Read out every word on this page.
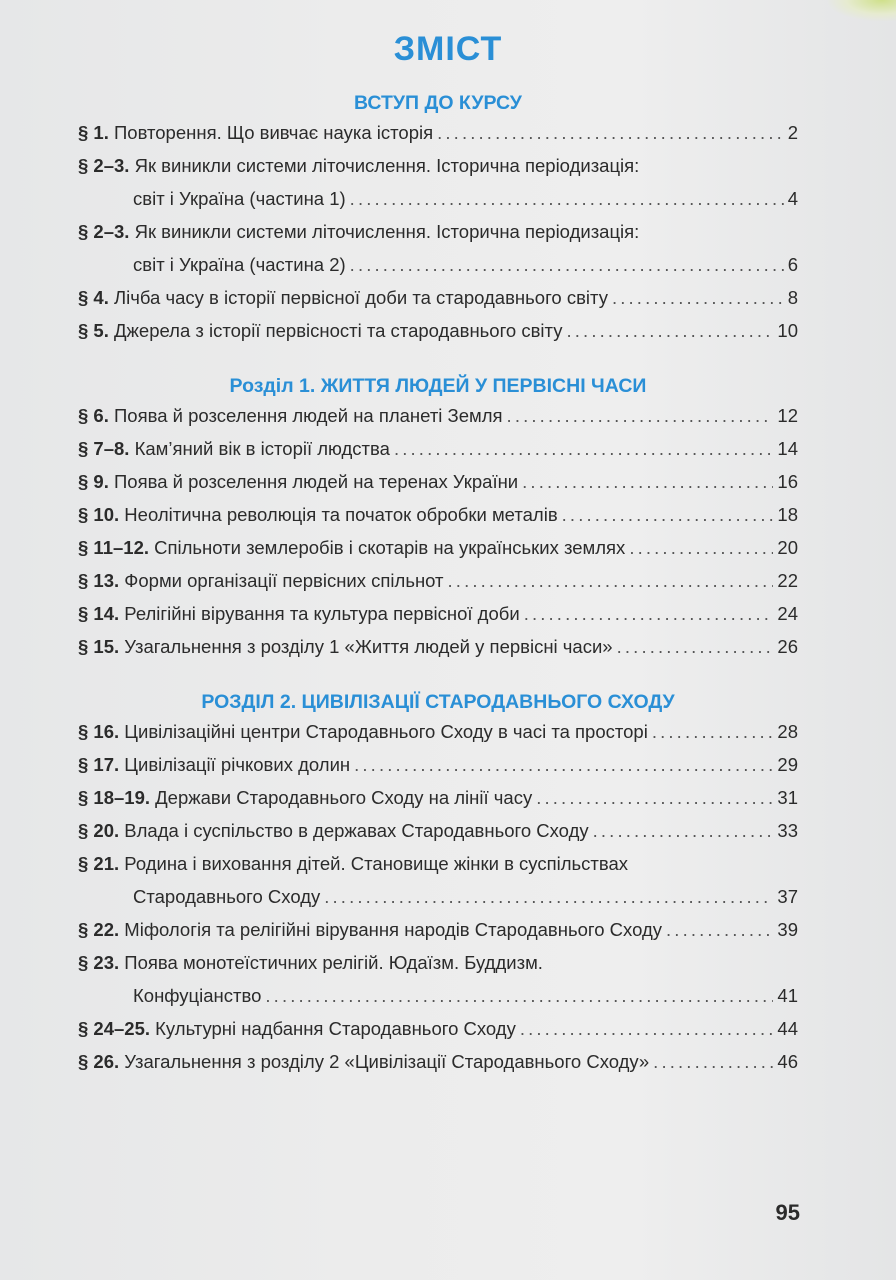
ЗМІСТ
ВСТУП ДО КУРСУ
§ 1. Повторення. Що вивчає наука історія . . .	2
§ 2–3. Як виникли системи літочислення. Історична періодизація:
світ і Україна (частина 1) . . .	4
§ 2–3. Як виникли системи літочислення. Історична періодизація:
світ і Україна (частина 2) . . .	6
§ 4. Лічба часу в історії первісної доби та стародавнього світу . . .	8
§ 5. Джерела з історії первісності та стародавнього світу . . .	10
Розділ 1. ЖИТТЯ ЛЮДЕЙ У ПЕРВІСНІ ЧАСИ
§ 6. Поява й розселення людей на планеті Земля . . .	12
§ 7–8. Кам’яний вік в історії людства . . .	14
§ 9. Поява й розселення людей на теренах України . . .	16
§ 10. Неолітична революція та початок обробки металів . . .	18
§ 11–12. Спільноти землеробів і скотарів на українських землях . . .	20
§ 13. Форми організації первісних спільнот . . .	22
§ 14. Релігійні вірування та культура первісної доби . . .	24
§ 15. Узагальнення з розділу 1 «Життя людей у первісні часи» . . .	26
РОЗДІЛ 2. ЦИВІЛІЗАЦІЇ СТАРОДАВНЬОГО СХОДУ
§ 16. Цивілізаційні центри Стародавнього Сходу в часі та просторі . . .	28
§ 17. Цивілізації річкових долин . . .	29
§ 18–19. Держави Стародавнього Сходу на лінії часу . . .	31
§ 20. Влада і суспільство в державах Стародавнього Сходу . . .	33
§ 21. Родина і виховання дітей. Становище жінки в суспільствах
Стародавнього Сходу . . .	37
§ 22. Міфологія та релігійні вірування народів Стародавнього Сходу . . .	39
§ 23. Поява монотеїстичних релігій. Юдаїзм. Буддизм.
Конфуціанство . . .	41
§ 24–25. Культурні надбання Стародавнього Сходу . . .	44
§ 26. Узагальнення з розділу 2 «Цивілізації Стародавнього Сходу» . . .	46
95
